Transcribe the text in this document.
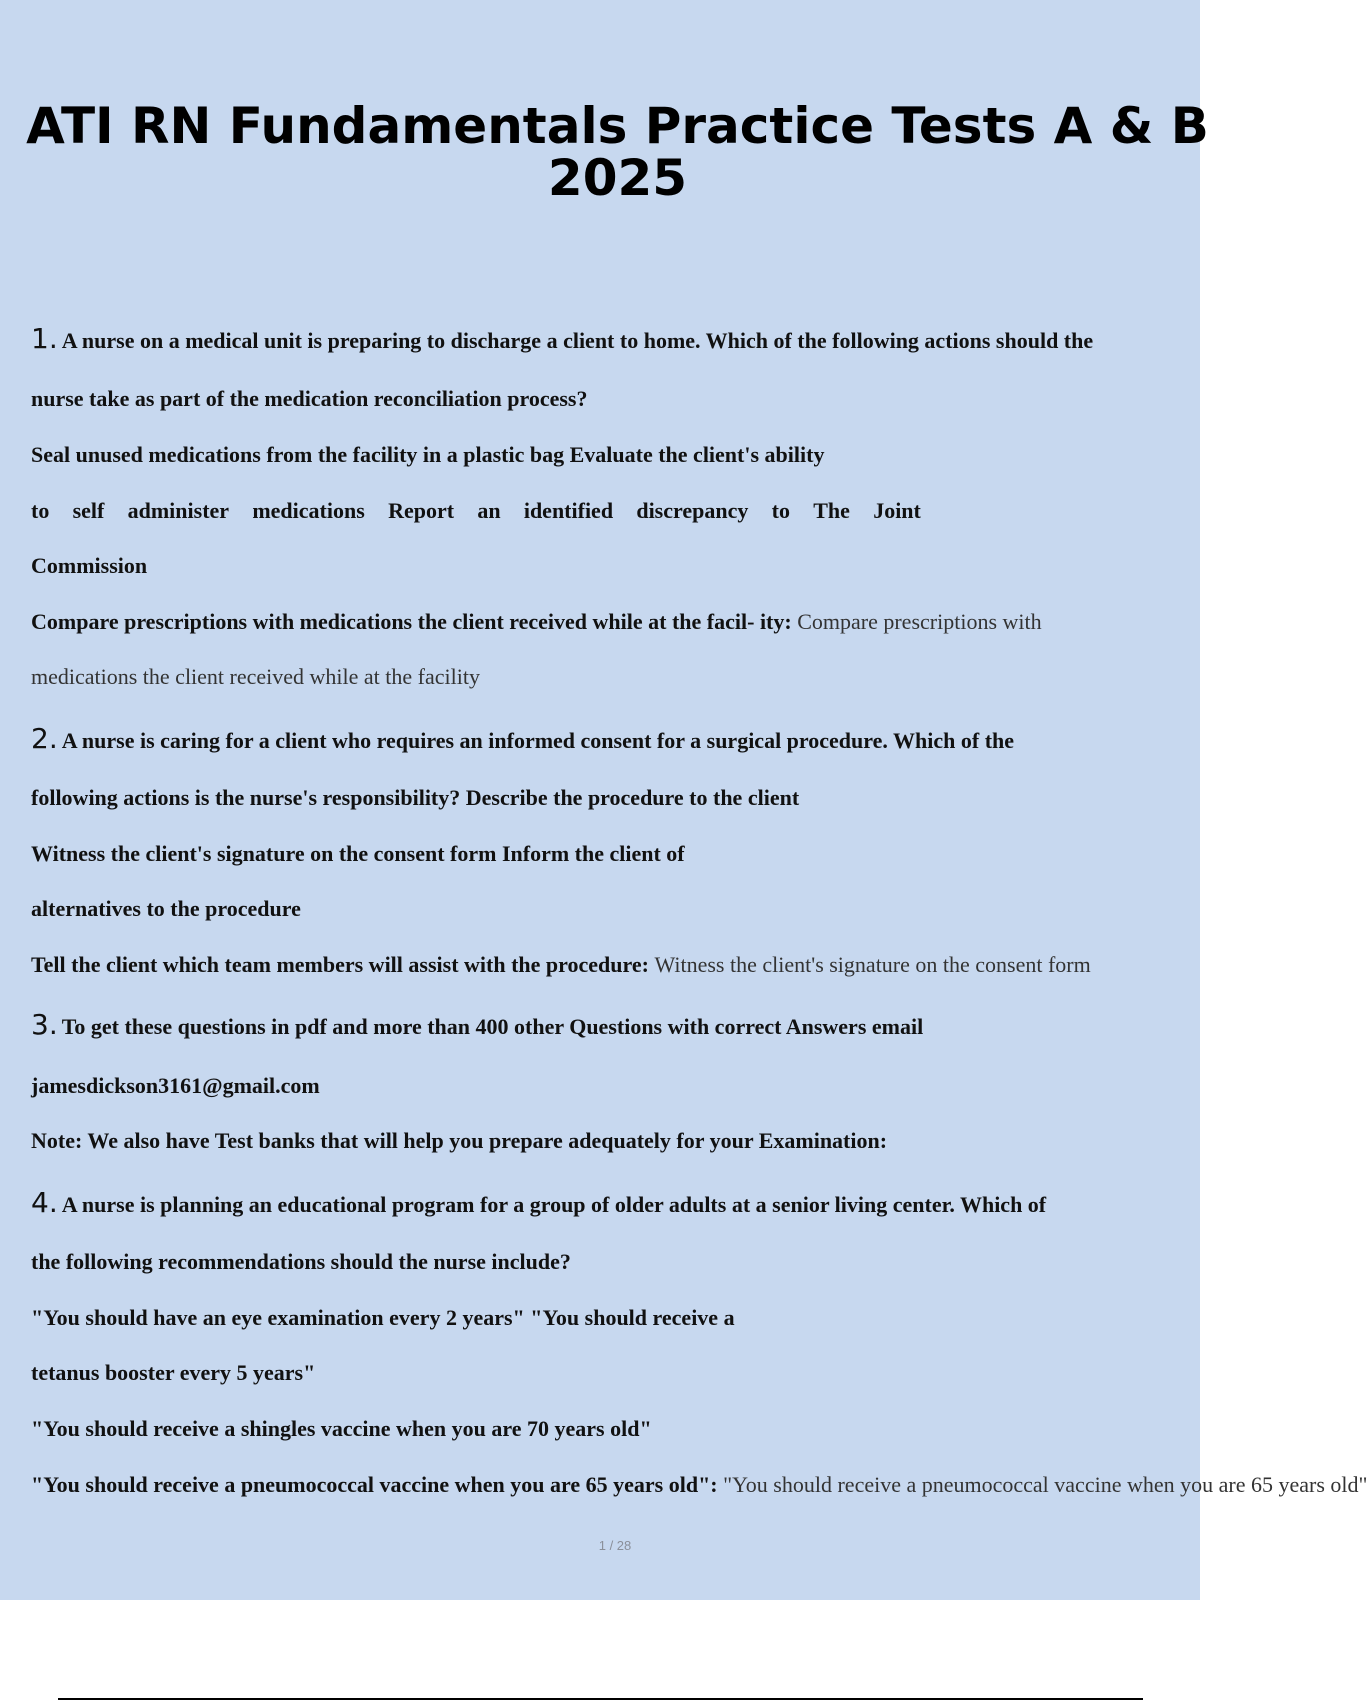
ATI RN Fundamentals Practice Tests A & B
2025
1. A nurse on a medical unit is preparing to discharge a client to home. Which of the following actions should the
nurse take as part of the medication reconciliation process?
Seal unused medications from the facility in a plastic bag Evaluate the client's ability
to self administer medications Report an identified discrepancy to The Joint
Commission
Compare prescriptions with medications the client received while at the facil- ity: Compare prescriptions with
medications the client received while at the facility
2. A nurse is caring for a client who requires an informed consent for a surgical procedure. Which of the
following actions is the nurse's responsibility? Describe the procedure to the client
Witness the client's signature on the consent form Inform the client of
alternatives to the procedure
Tell the client which team members will assist with the procedure: Witness the client's signature on the consent form
3. To get these questions in pdf and more than 400 other Questions with correct Answers email
jamesdickson3161@gmail.com
Note: We also have Test banks that will help you prepare adequately for your Examination:
4. A nurse is planning an educational program for a group of older adults at a senior living center. Which of
the following recommendations should the nurse include?
"You should have an eye examination every 2 years" "You should receive a
tetanus booster every 5 years"
"You should receive a shingles vaccine when you are 70 years old"
"You should receive a pneumococcal vaccine when you are 65 years old": "You should receive a pneumococcal vaccine when you are 65 years old"
1 / 28
